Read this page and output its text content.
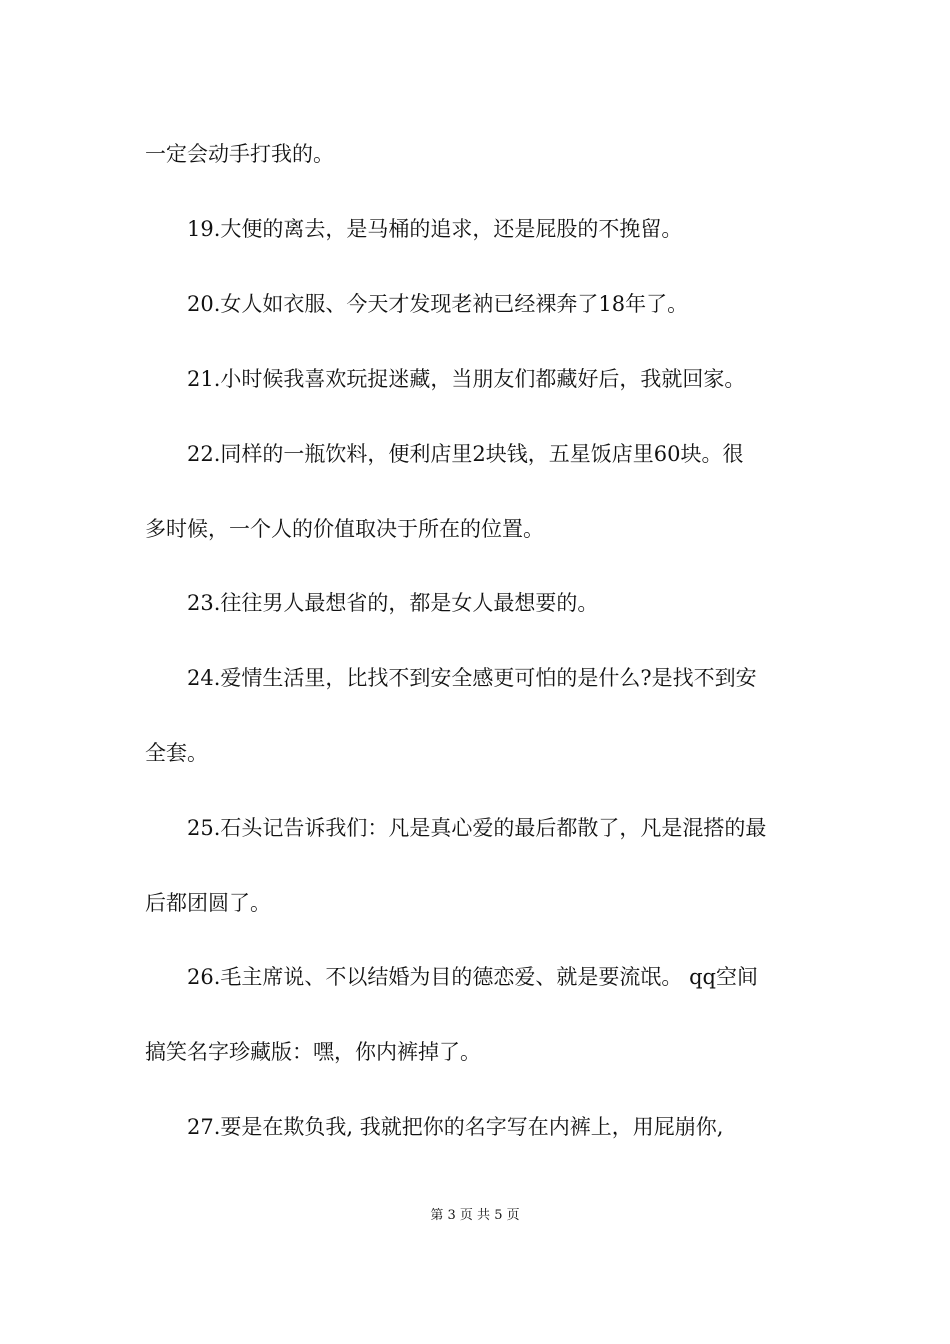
一定会动手打我的。
19.大便的离去，是马桶的追求，还是屁股的不挽留。
20.女人如衣服、今天才发现老衲已经裸奔了18年了。
21.小时候我喜欢玩捉迷藏，当朋友们都藏好后，我就回家。
22.同样的一瓶饮料，便利店里2块钱，五星饭店里60块。很
多时候，一个人的价值取决于所在的位置。
23.往往男人最想省的，都是女人最想要的。
24.爱情生活里，比找不到安全感更可怕的是什么?是找不到安
全套。
25.石头记告诉我们：凡是真心爱的最后都散了，凡是混搭的最
后都团圆了。
26.毛主席说、不以结婚为目的德恋爱、就是要流氓。 qq空间
搞笑名字珍藏版：嘿，你内裤掉了。
27.要是在欺负我, 我就把你的名字写在内裤上，用屁崩你,
第 3 页 共 5 页
